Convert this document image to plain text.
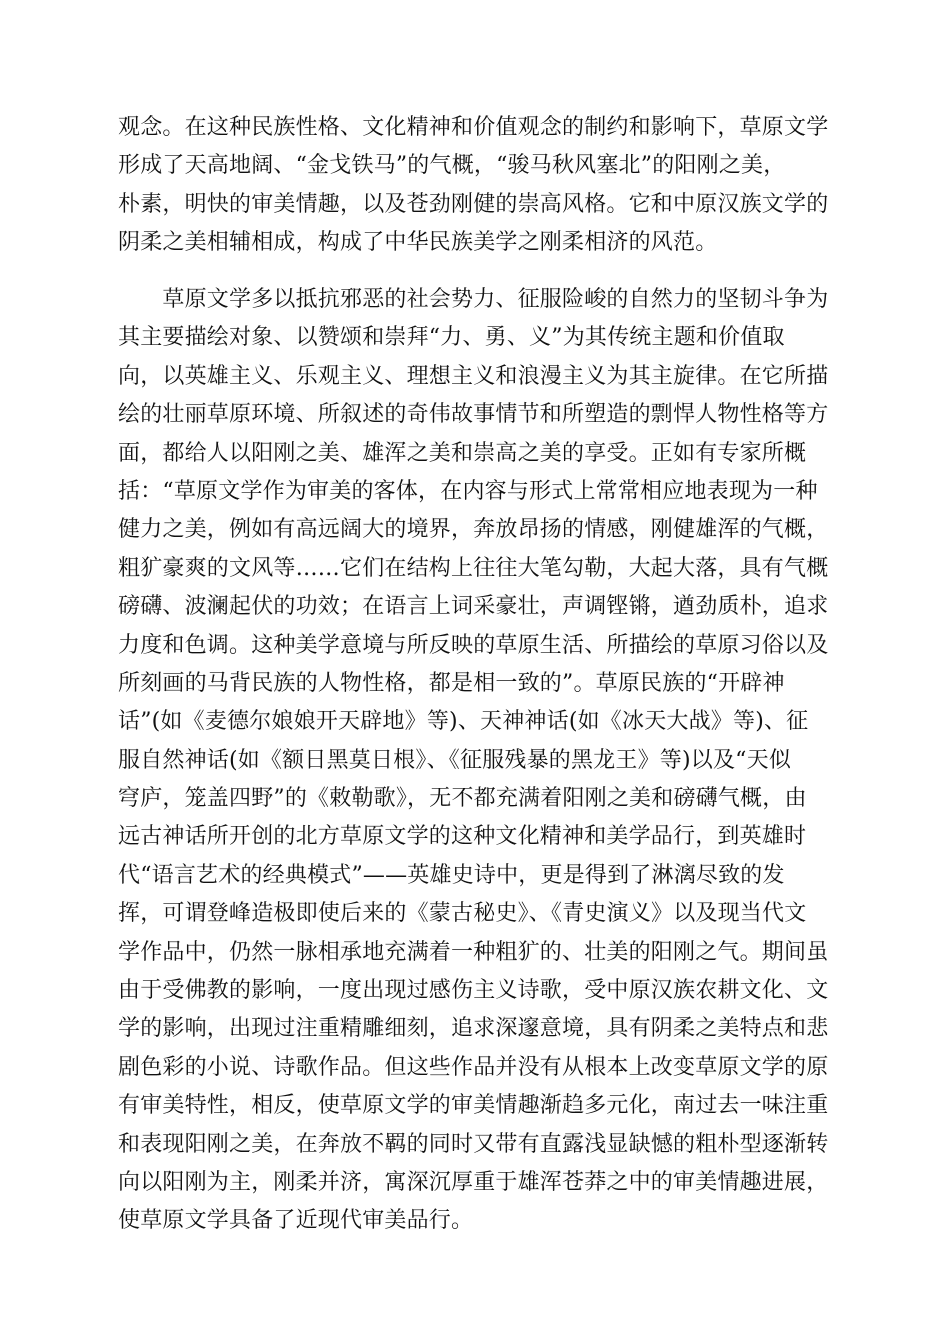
观念。在这种民族性格、文化精神和价值观念的制约和影响下，草原文学
形成了天高地阔、“金戈铁马”的气概，“骏马秋风塞北”的阳刚之美，
朴素，明快的审美情趣，以及苍劲刚健的崇高风格。它和中原汉族文学的
阴柔之美相辅相成，构成了中华民族美学之刚柔相济的风范。
　　草原文学多以抵抗邪恶的社会势力、征服险峻的自然力的坚韧斗争为
其主要描绘对象、以赞颂和崇拜“力、勇、义”为其传统主题和价值取
向，以英雄主义、乐观主义、理想主义和浪漫主义为其主旋律。在它所描
绘的壮丽草原环境、所叙述的奇伟故事情节和所塑造的剽悍人物性格等方
面，都给人以阳刚之美、雄浑之美和崇高之美的享受。正如有专家所概
括：“草原文学作为审美的客体，在内容与形式上常常相应地表现为一种
健力之美，例如有高远阔大的境界，奔放昂扬的情感，刚健雄浑的气概，
粗犷豪爽的文风等……它们在结构上往往大笔勾勒，大起大落，具有气概
磅礴、波澜起伏的功效；在语言上词采豪壮，声调铿锵，遒劲质朴，追求
力度和色调。这种美学意境与所反映的草原生活、所描绘的草原习俗以及
所刻画的马背民族的人物性格，都是相一致的”。草原民族的“开辟神
话”(如《麦德尔娘娘开天辟地》等)、天神神话(如《冰天大战》等)、征
服自然神话(如《额日黑莫日根》、《征服残暴的黑龙王》等)以及“天似
穹庐，笼盖四野”的《敕勒歌》，无不都充满着阳刚之美和磅礴气概，由
远古神话所开创的北方草原文学的这种文化精神和美学品行，到英雄时
代“语言艺术的经典模式”——英雄史诗中，更是得到了淋漓尽致的发
挥，可谓登峰造极即使后来的《蒙古秘史》、《青史演义》以及现当代文
学作品中，仍然一脉相承地充满着一种粗犷的、壮美的阳刚之气。期间虽
由于受佛教的影响，一度出现过感伤主义诗歌，受中原汉族农耕文化、文
学的影响，出现过注重精雕细刻，追求深邃意境，具有阴柔之美特点和悲
剧色彩的小说、诗歌作品。但这些作品并没有从根本上改变草原文学的原
有审美特性，相反，使草原文学的审美情趣渐趋多元化，南过去一味注重
和表现阳刚之美，在奔放不羁的同时又带有直露浅显缺憾的粗朴型逐渐转
向以阳刚为主，刚柔并济，寓深沉厚重于雄浑苍莽之中的审美情趣进展，
使草原文学具备了近现代审美品行。
